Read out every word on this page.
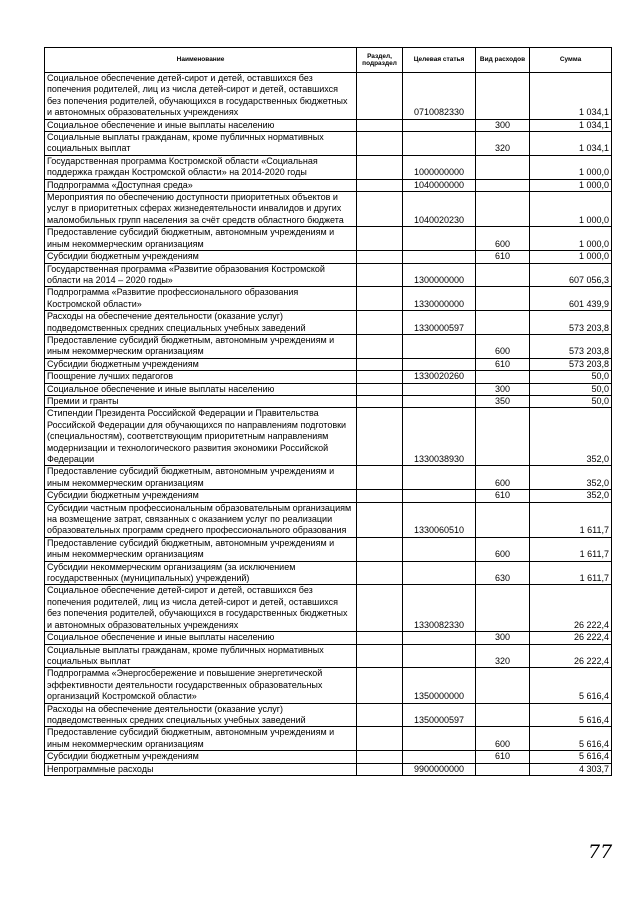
Наименование	Раздел, подраздел	Целевая статья	Вид расходов	Сумма
Социальное обеспечение детей-сирот и детей, оставшихся без попечения родителей, лиц из числа детей-сирот и детей, оставшихся без попечения родителей, обучающихся в государственных бюджетных и автономных образовательных учреждениях		0710082330		1 034,1
Социальное обеспечение и иные выплаты населению			300	1 034,1
Социальные выплаты гражданам, кроме публичных нормативных социальных выплат			320	1 034,1
Государственная программа Костромской области «Социальная поддержка граждан Костромской области» на 2014-2020 годы		1000000000		1 000,0
Подпрограмма «Доступная среда»		1040000000		1 000,0
Мероприятия по обеспечению доступности приоритетных объектов и услуг в приоритетных сферах жизнедеятельности инвалидов и других маломобильных групп населения за счёт средств областного бюджета		1040020230		1 000,0
Предоставление субсидий бюджетным, автономным учреждениям и иным некоммерческим организациям			600	1 000,0
Субсидии бюджетным учреждениям			610	1 000,0
Государственная программа «Развитие образования Костромской области на 2014 – 2020 годы»		1300000000		607 056,3
Подпрограмма «Развитие профессионального образования Костромской области»		1330000000		601 439,9
Расходы на обеспечение деятельности (оказание услуг) подведомственных средних специальных учебных заведений		1330000597		573 203,8
Предоставление субсидий бюджетным, автономным учреждениям и иным некоммерческим организациям			600	573 203,8
Субсидии бюджетным учреждениям			610	573 203,8
Поощрение лучших педагогов		1330020260		50,0
Социальное обеспечение и иные выплаты населению			300	50,0
Премии и гранты			350	50,0
Стипендии Президента Российской Федерации и Правительства Российской Федерации для обучающихся по направлениям подготовки (специальностям), соответствующим приоритетным направлениям модернизации и технологического развития экономики Российской Федерации		1330038930		352,0
Предоставление субсидий бюджетным, автономным учреждениям и иным некоммерческим организациям			600	352,0
Субсидии бюджетным учреждениям			610	352,0
Субсидии частным профессиональным образовательным организациям на возмещение затрат, связанных с оказанием услуг по реализации образовательных программ среднего профессионального образования		1330060510		1 611,7
Предоставление субсидий бюджетным, автономным учреждениям и иным некоммерческим организациям			600	1 611,7
Субсидии некоммерческим организациям (за исключением государственных (муниципальных) учреждений)			630	1 611,7
Социальное обеспечение детей-сирот и детей, оставшихся без попечения родителей, лиц из числа детей-сирот и детей, оставшихся без попечения родителей, обучающихся в государственных бюджетных и автономных образовательных учреждениях		1330082330		26 222,4
Социальное обеспечение и иные выплаты населению			300	26 222,4
Социальные выплаты гражданам, кроме публичных нормативных социальных выплат			320	26 222,4
Подпрограмма «Энергосбережение и повышение энергетической эффективности деятельности государственных образовательных организаций Костромской области»		1350000000		5 616,4
Расходы на обеспечение деятельности (оказание услуг) подведомственных средних специальных учебных заведений		1350000597		5 616,4
Предоставление субсидий бюджетным, автономным учреждениям и иным некоммерческим организациям			600	5 616,4
Субсидии бюджетным учреждениям			610	5 616,4
Непрограммные расходы		9900000000		4 303,7
77
